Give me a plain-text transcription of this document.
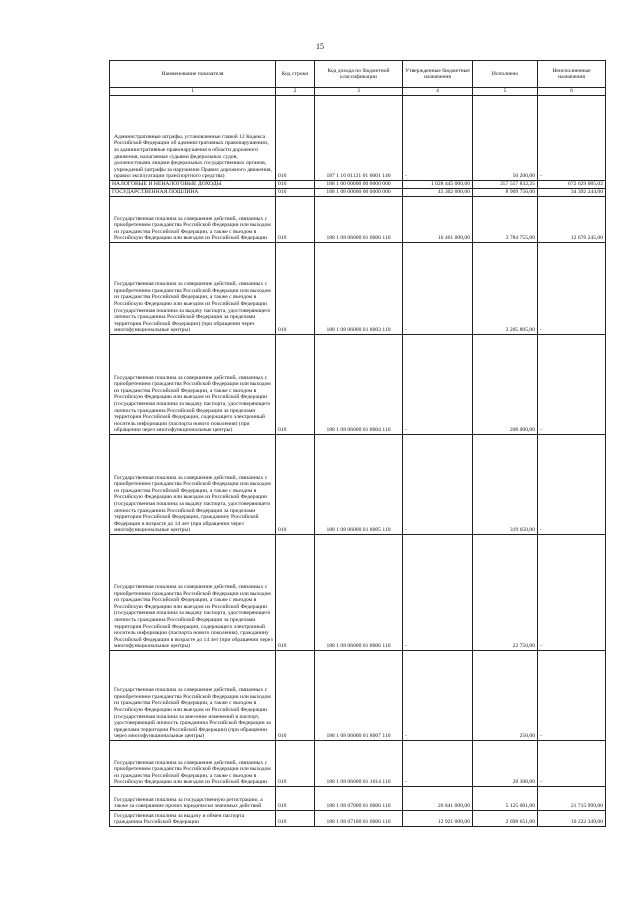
15
Наименование показателя	Код строки	Код дохода по бюджетной классификации	Утвержденные бюджетные назначения	Исполнено	Неисполненные назначения
1	2	3	4	5	6
Административные штрафы, установленные главой 12 Кодекса Российской Федерации об административных правонарушениях, за административные правонарушения в области дорожного движения, налагаемые судьями федеральных судов, должностными лицами федеральных государственных органов, учреждений (штрафы за нарушение Правил дорожного движения, правил эксплуатации транспортного средства)	010	187 1 16 01121 01 0001 140	-	50 200,00	-
НАЛОГОВЫЕ И НЕНАЛОГОВЫЕ ДОХОДЫ	010	188 1 00 00000 00 0000 000	1 028 445 000,00	357 557 832,25	672 629 085,02
ГОСУДАРСТВЕННАЯ ПОШЛИНА	010	188 1 08 00000 00 0000 000	43 302 000,00	8 909 756,00	34 392 244,00
Государственная пошлина за совершение действий, связанных с приобретением гражданства Российской Федерации или выходом из гражданства Российской Федерации, а также с въездом в Российскую Федерацию или выездом из Российской Федерации	010	188 1 08 06000 01 0000 110	16 461 000,00	3 784 755,00	12 676 245,00
Государственная пошлина за совершение действий, связанных с приобретением гражданства Российской Федерации или выходом из гражданства Российской Федерации, а также с въездом в Российскую Федерацию или выездом из Российской Федерации (государственная пошлина за выдачу паспорта, удостоверяющего личность гражданина Российской Федерации за пределами территории Российской Федерации) (при обращении через многофункциональные центры)	010	188 1 08 06000 01 8003 110	-	3 205 805,00	-
Государственная пошлина за совершение действий, связанных с приобретением гражданства Российской Федерации или выходом из гражданства Российской Федерации, а также с въездом в Российскую Федерацию или выездом из Российской Федерации (государственная пошлина за выдачу паспорта, удостоверяющего личность гражданина Российской Федерации за пределами территории Российской Федерации, содержащего электронный носитель информации (паспорта нового поколения) (при обращении через многофункциональные центры)	010	188 1 08 06000 01 8004 110	-	208 000,00	-
Государственная пошлина за совершение действий, связанных с приобретением гражданства Российской Федерации или выходом из гражданства Российской Федерации, а также с въездом в Российскую Федерацию или выездом из Российской Федерации (государственная пошлина за выдачу паспорта, удостоверяющего личность гражданина Российской Федерации за пределами территории Российской Федерации, гражданину Российской Федерации в возрасте до 14 лет (при обращении через многофункциональные центры)	010	188 1 08 06000 01 8005 110	-	319 650,00	-
Государственная пошлина за совершение действий, связанных с приобретением гражданства Российской Федерации или выходом из гражданства Российской Федерации, а также с въездом в Российскую Федерацию или выездом из Российской Федерации (государственная пошлина за выдачу паспорта, удостоверяющего личность гражданина Российской Федерации за пределами территории Российской Федерации, содержащего электронный носитель информации (паспорта нового поколения), гражданину Российской Федерации в возрасте до 14 лет (при обращении через многофункциональные центры)	010	188 1 08 06000 01 8006 110	-	22 750,00	-
Государственная пошлина за совершение действий, связанных с приобретением гражданства Российской Федерации или выходом из гражданства Российской Федерации, а также с въездом в Российскую Федерацию или выездом из Российской Федерации (государственная пошлина за внесение изменений в паспорт, удостоверяющий личность гражданина Российской Федерации за пределами территории Российской Федерации) (при обращении через многофункциональные центры)	010	188 1 08 06000 01 8007 110	-	250,00	-
Государственная пошлина за совершение действий, связанных с приобретением гражданства Российской Федерации или выходом из гражданства Российской Федерации, а также с въездом в Российскую Федерацию или выездом из Российской Федерации	010	188 1 08 06000 01 1014 110	-	28 300,00	-
Государственная пошлина за государственную регистрацию, а также за совершение прочих юридически значимых действий	010	188 1 08 07000 01 0000 110	26 841 000,00	5 125 001,00	21 715 999,00
Государственная пошлина за выдачу и обмен паспорта гражданина Российской Федерации	010	188 1 08 07100 01 0000 110	12 921 000,00	2 698 651,00	10 222 349,00
